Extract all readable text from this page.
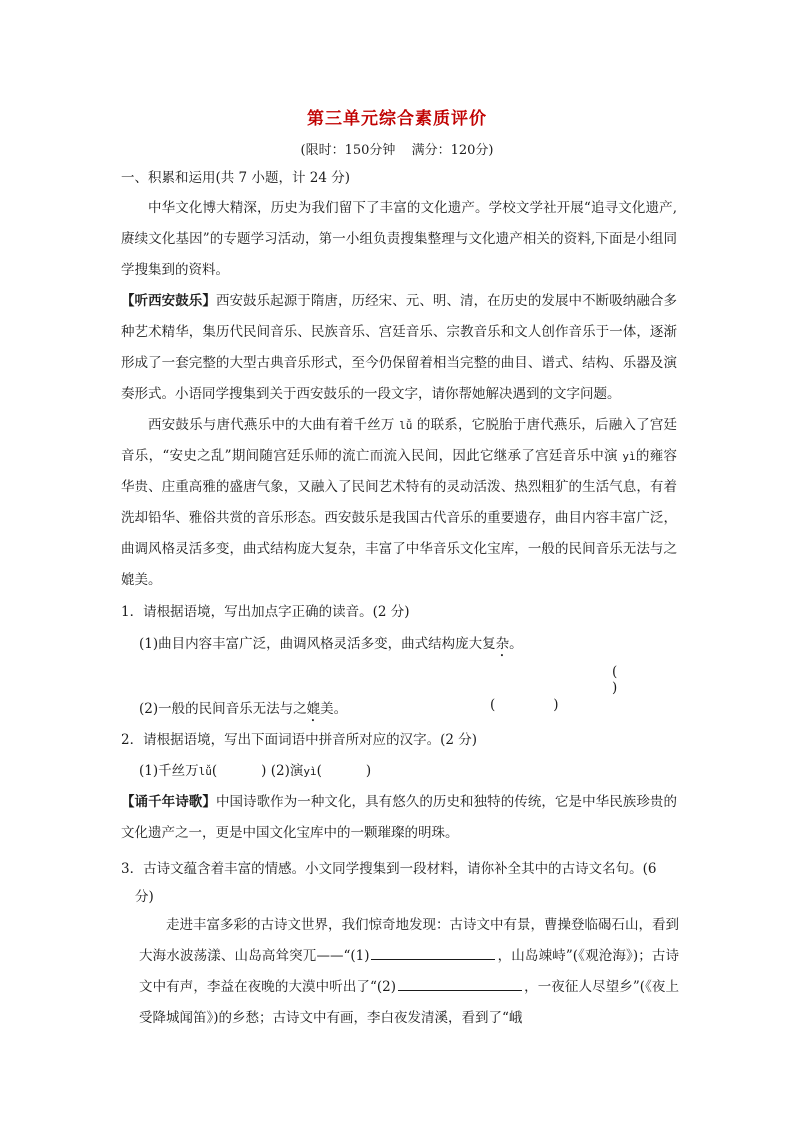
第三单元综合素质评价
(限时：150分钟 满分：120分)
一、积累和运用(共 7 小题，计 24 分)
中华文化博大精深，历史为我们留下了丰富的文化遗产。学校文学社开展“追寻文化遗产,赓续文化基因”的专题学习活动，第一小组负责搜集整理与文化遗产相关的资料,下面是小组同学搜集到的资料。
【听西安鼓乐】西安鼓乐起源于隋唐，历经宋、元、明、清，在历史的发展中不断吸纳融合多种艺术精华，集历代民间音乐、民族音乐、宫廷音乐、宗教音乐和文人创作音乐于一体，逐渐形成了一套完整的大型古典音乐形式，至今仍保留着相当完整的曲目、谱式、结构、乐器及演奏形式。小语同学搜集到关于西安鼓乐的一段文字，请你帮她解决遇到的文字问题。
西安鼓乐与唐代燕乐中的大曲有着千丝万 lǚ 的联系，它脱胎于唐代燕乐，后融入了宫廷音乐，“安史之乱”期间随宫廷乐师的流亡而流入民间，因此它继承了宫廷音乐中演 yì的雍容华贵、庄重高雅的盛唐气象，又融入了民间艺术特有的灵动活泼、热烈粗犷的生活气息，有着洗却铅华、雅俗共赏的音乐形态。西安鼓乐是我国古代音乐的重要遗存，曲目内容丰富广泛，曲调风格灵活多变，曲式结构庞大复杂，丰富了中华音乐文化宝库，一般的民间音乐无法与之媲美。
1．请根据语境，写出加点字正确的读音。(2 分)
(1)曲目内容丰富广泛，曲调风格灵活多变，曲式结构庞大复杂。
()
(2)一般的民间音乐无法与之媲美。	(	)
2．请根据语境，写出下面词语中拼音所对应的汉字。(2 分)
(1)千丝万lǚ(	) (2)演yì(	)
【诵千年诗歌】中国诗歌作为一种文化，具有悠久的历史和独特的传统，它是中华民族珍贵的文化遗产之一，更是中国文化宝库中的一颗璀璨的明珠。
3．古诗文蕴含着丰富的情感。小文同学搜集到一段材料，请你补全其中的古诗文名句。(6
分)
走进丰富多彩的古诗文世界，我们惊奇地发现：古诗文中有景，曹操登临碣石山，看到大海水波荡漾、山岛高耸突兀——“(1)	，山岛竦峙”(《观沧海》)；古诗文中有声，李益在夜晚的大漠中听出了“(2)	，一夜征人尽望乡”(《夜上受降城闻笛》)的乡愁；古诗文中有画，李白夜发清溪，看到了“峨
